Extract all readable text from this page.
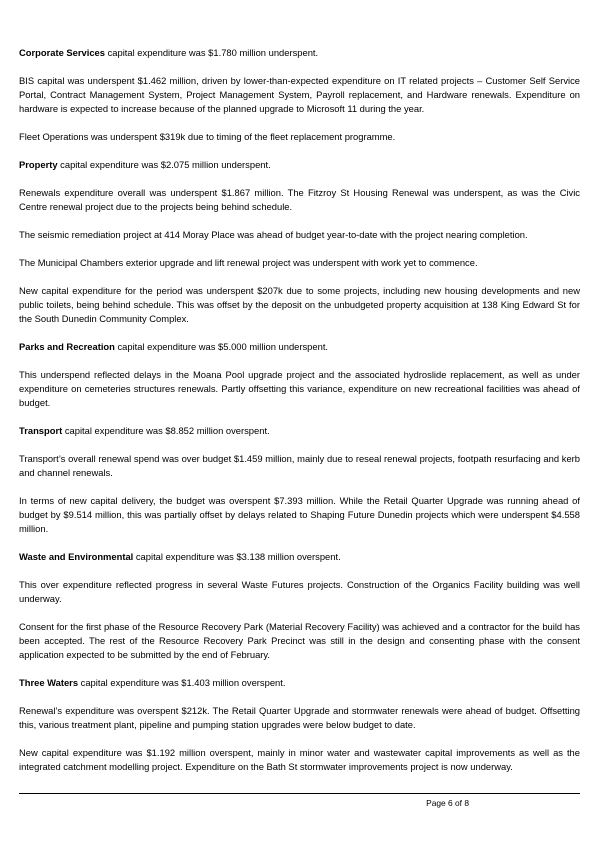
Corporate Services capital expenditure was $1.780 million underspent.

BIS capital was underspent $1.462 million, driven by lower-than-expected expenditure on IT related projects – Customer Self Service Portal, Contract Management System, Project Management System, Payroll replacement, and Hardware renewals. Expenditure on hardware is expected to increase because of the planned upgrade to Microsoft 11 during the year.

Fleet Operations was underspent $319k due to timing of the fleet replacement programme.

Property capital expenditure was $2.075 million underspent.

Renewals expenditure overall was underspent $1.867 million. The Fitzroy St Housing Renewal was underspent, as was the Civic Centre renewal project due to the projects being behind schedule.

The seismic remediation project at 414 Moray Place was ahead of budget year-to-date with the project nearing completion.

The Municipal Chambers exterior upgrade and lift renewal project was underspent with work yet to commence.

New capital expenditure for the period was underspent $207k due to some projects, including new housing developments and new public toilets, being behind schedule. This was offset by the deposit on the unbudgeted property acquisition at 138 King Edward St for the South Dunedin Community Complex.

Parks and Recreation capital expenditure was $5.000 million underspent.

This underspend reflected delays in the Moana Pool upgrade project and the associated hydroslide replacement, as well as under expenditure on cemeteries structures renewals. Partly offsetting this variance, expenditure on new recreational facilities was ahead of budget.

Transport capital expenditure was $8.852 million overspent.

Transport’s overall renewal spend was over budget $1.459 million, mainly due to reseal renewal projects, footpath resurfacing and kerb and channel renewals.

In terms of new capital delivery, the budget was overspent $7.393 million. While the Retail Quarter Upgrade was running ahead of budget by $9.514 million, this was partially offset by delays related to Shaping Future Dunedin projects which were underspent $4.558 million.

Waste and Environmental capital expenditure was $3.138 million overspent.

This over expenditure reflected progress in several Waste Futures projects. Construction of the Organics Facility building was well underway.

Consent for the first phase of the Resource Recovery Park (Material Recovery Facility) was achieved and a contractor for the build has been accepted. The rest of the Resource Recovery Park Precinct was still in the design and consenting phase with the consent application expected to be submitted by the end of February.

Three Waters capital expenditure was $1.403 million overspent.

Renewal’s expenditure was overspent $212k. The Retail Quarter Upgrade and stormwater renewals were ahead of budget. Offsetting this, various treatment plant, pipeline and pumping station upgrades were below budget to date.

New capital expenditure was $1.192 million overspent, mainly in minor water and wastewater capital improvements as well as the integrated catchment modelling project. Expenditure on the Bath St stormwater improvements project is now underway.

Page 6 of 8
